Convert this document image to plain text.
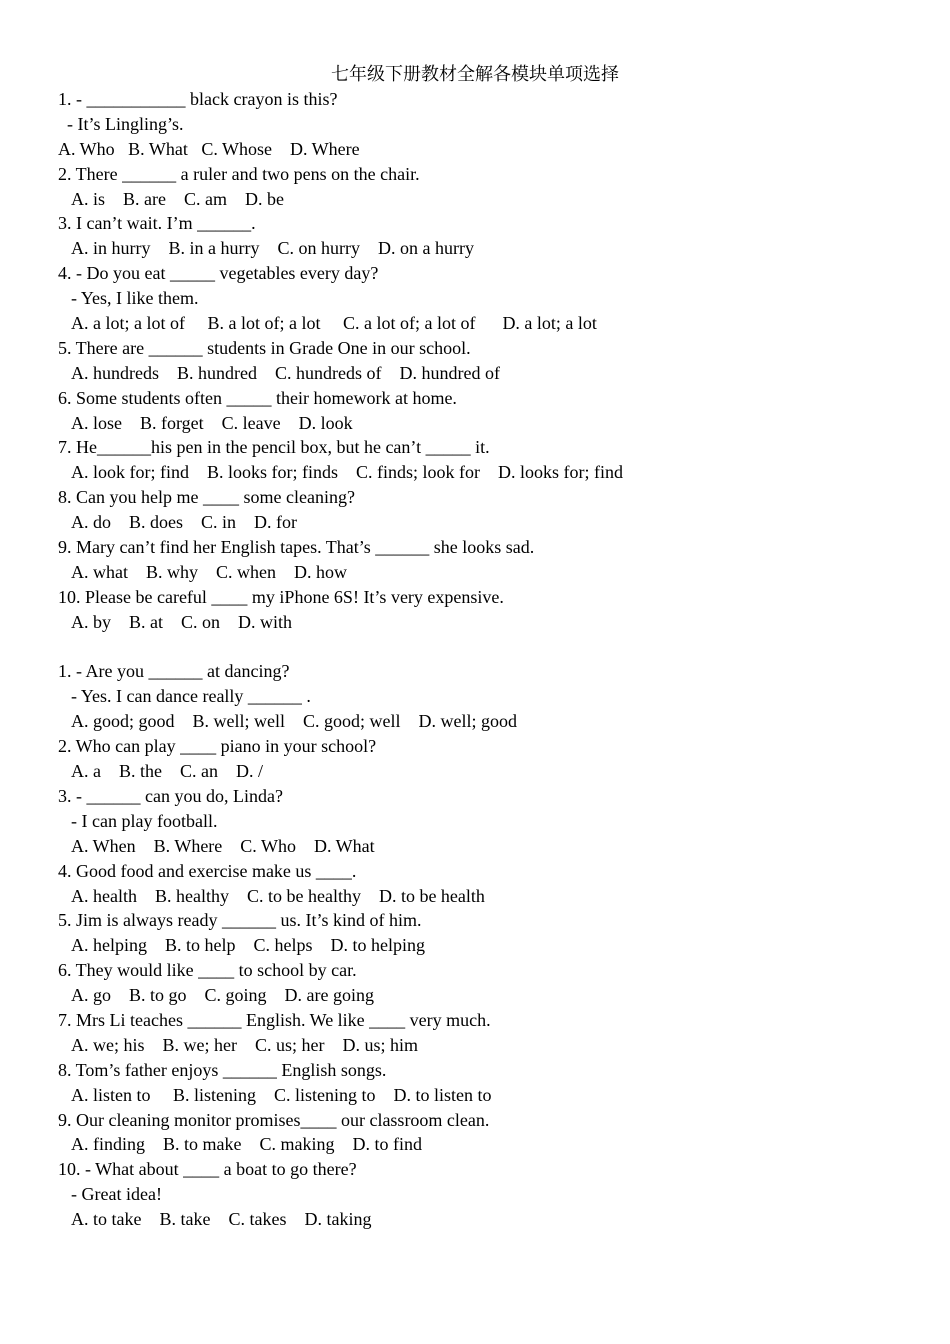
七年级下册教材全解各模块单项选择
1. - ___________ black crayon is this?
- It’s Lingling’s.
A. Who   B. What   C. Whose    D. Where
2. There ______ a ruler and two pens on the chair.
A. is    B. are    C. am    D. be
3. I can’t wait. I’m ______.
A. in hurry    B. in a hurry    C. on hurry    D. on a hurry
4. - Do you eat _____ vegetables every day?
- Yes, I like them.
A. a lot; a lot of     B. a lot of; a lot     C. a lot of; a lot of      D. a lot; a lot
5. There are ______ students in Grade One in our school.
A. hundreds    B. hundred    C. hundreds of    D. hundred of
6. Some students often _____ their homework at home.
A. lose    B. forget    C. leave    D. look
7. He______his pen in the pencil box, but he can’t _____ it.
A. look for; find    B. looks for; finds    C. finds; look for    D. looks for; find
8. Can you help me ____ some cleaning?
A. do    B. does    C. in    D. for
9. Mary can’t find her English tapes. That’s ______ she looks sad.
A. what    B. why    C. when    D. how
10. Please be careful ____ my iPhone 6S! It’s very expensive.
A. by    B. at    C. on    D. with
1. - Are you ______ at dancing?
- Yes. I can dance really ______ .
A. good; good    B. well; well    C. good; well    D. well; good
2. Who can play ____ piano in your school?
A. a    B. the    C. an    D. /
3. - ______ can you do, Linda?
- I can play football.
A. When    B. Where    C. Who    D. What
4. Good food and exercise make us ____.
A. health    B. healthy    C. to be healthy    D. to be health
5. Jim is always ready ______ us. It’s kind of him.
A. helping    B. to help    C. helps    D. to helping
6. They would like ____ to school by car.
A. go    B. to go    C. going    D. are going
7. Mrs Li teaches ______ English. We like ____ very much.
A. we; his    B. we; her    C. us; her    D. us; him
8. Tom’s father enjoys ______ English songs.
A. listen to     B. listening    C. listening to    D. to listen to
9. Our cleaning monitor promises____ our classroom clean.
A. finding    B. to make    C. making    D. to find
10. - What about ____ a boat to go there?
- Great idea!
A. to take    B. take    C. takes    D. taking
